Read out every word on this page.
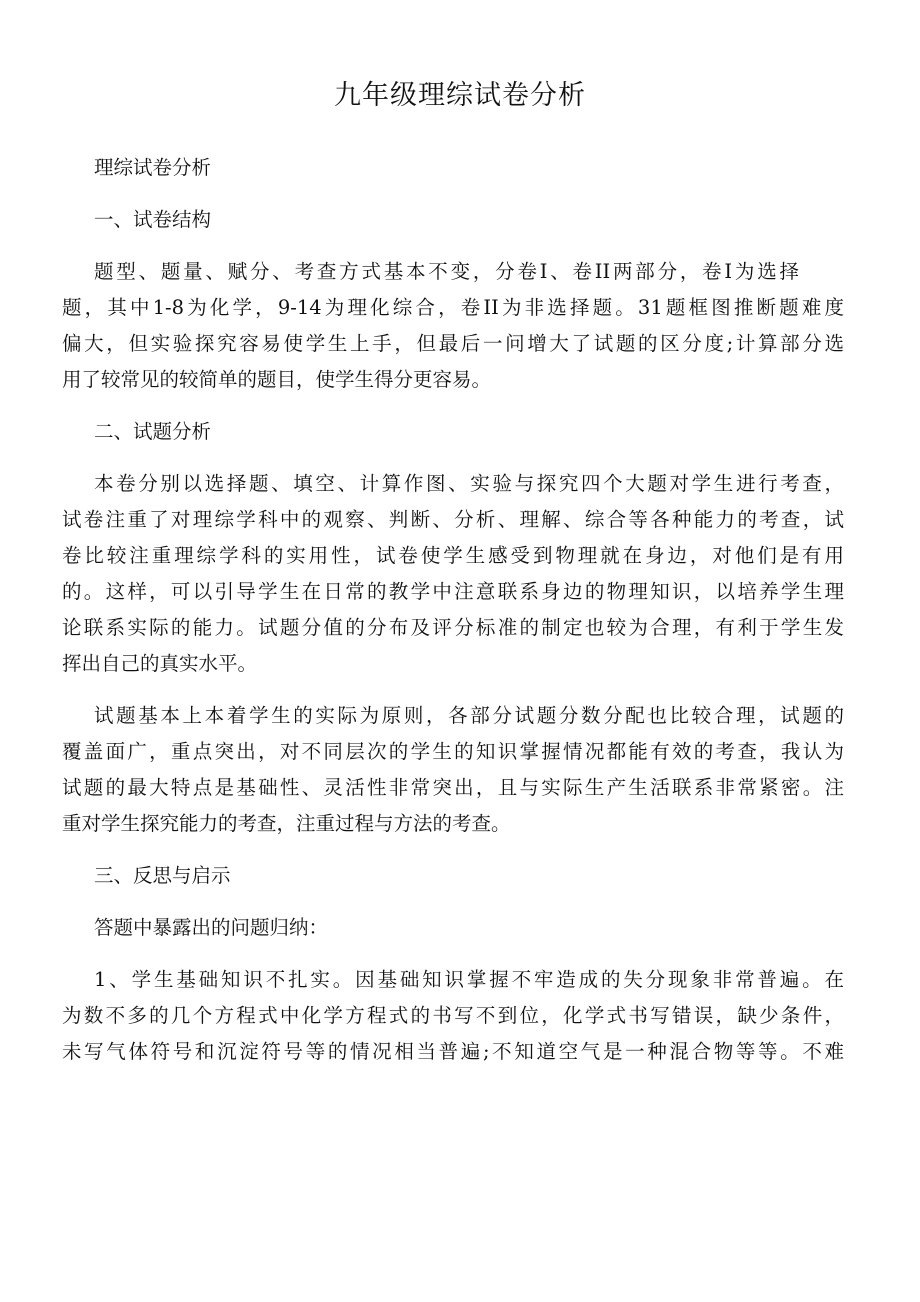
九年级理综试卷分析
理综试卷分析
一、试卷结构
题型、题量、赋分、考查方式基本不变，分卷I、卷II两部分，卷I为选择
题，其中1-8为化学，9-14为理化综合，卷II为非选择题。31题框图推断题难度
偏大，但实验探究容易使学生上手，但最后一问增大了试题的区分度;计算部分选
用了较常见的较简单的题目，使学生得分更容易。
二、试题分析
本卷分别以选择题、填空、计算作图、实验与探究四个大题对学生进行考查，
试卷注重了对理综学科中的观察、判断、分析、理解、综合等各种能力的考查，试
卷比较注重理综学科的实用性，试卷使学生感受到物理就在身边，对他们是有用
的。这样，可以引导学生在日常的教学中注意联系身边的物理知识，以培养学生理
论联系实际的能力。试题分值的分布及评分标准的制定也较为合理，有利于学生发
挥出自己的真实水平。
试题基本上本着学生的实际为原则，各部分试题分数分配也比较合理，试题的
覆盖面广，重点突出，对不同层次的学生的知识掌握情况都能有效的考查，我认为
试题的最大特点是基础性、灵活性非常突出，且与实际生产生活联系非常紧密。注
重对学生探究能力的考查，注重过程与方法的考查。
三、反思与启示
答题中暴露出的问题归纳：
1、学生基础知识不扎实。因基础知识掌握不牢造成的失分现象非常普遍。在
为数不多的几个方程式中化学方程式的书写不到位，化学式书写错误，缺少条件，
未写气体符号和沉淀符号等的情况相当普遍;不知道空气是一种混合物等等。不难
